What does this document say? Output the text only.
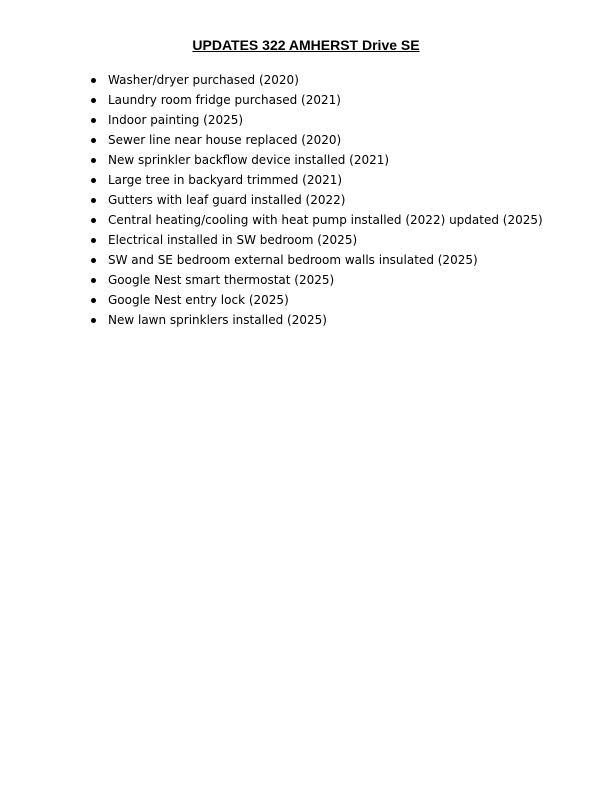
UPDATES 322 AMHERST Drive SE
Washer/dryer purchased (2020)
Laundry room fridge purchased (2021)
Indoor painting (2025)
Sewer line near house replaced (2020)
New sprinkler backflow device installed (2021)
Large tree in backyard trimmed (2021)
Gutters with leaf guard installed (2022)
Central heating/cooling with heat pump installed (2022) updated (2025)
Electrical installed in SW bedroom (2025)
SW and SE bedroom external bedroom walls insulated (2025)
Google Nest smart thermostat (2025)
Google Nest entry lock (2025)
New lawn sprinklers installed (2025)
